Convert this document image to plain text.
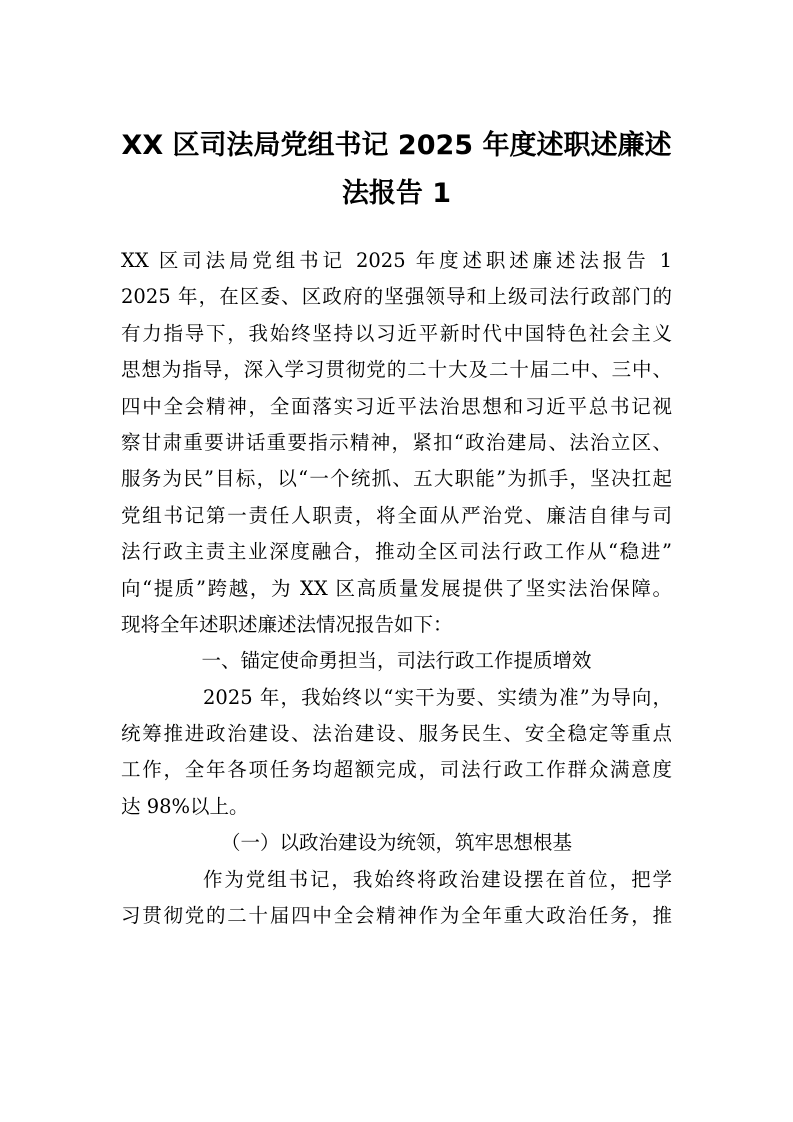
XX 区司法局党组书记 2025 年度述职述廉述
法报告 1
XX 区司法局党组书记 2025 年度述职述廉述法报告 1
2025 年，在区委、区政府的坚强领导和上级司法行政部门的
有力指导下，我始终坚持以习近平新时代中国特色社会主义
思想为指导，深入学习贯彻党的二十大及二十届二中、三中、
四中全会精神，全面落实习近平法治思想和习近平总书记视
察甘肃重要讲话重要指示精神，紧扣“政治建局、法治立区、
服务为民”目标，以“一个统抓、五大职能”为抓手，坚决扛起
党组书记第一责任人职责，将全面从严治党、廉洁自律与司
法行政主责主业深度融合，推动全区司法行政工作从“稳进”
向“提质”跨越，为 XX 区高质量发展提供了坚实法治保障。
现将全年述职述廉述法情况报告如下：
一、锚定使命勇担当，司法行政工作提质增效
2025 年，我始终以“实干为要、实绩为准”为导向，
统筹推进政治建设、法治建设、服务民生、安全稳定等重点
工作，全年各项任务均超额完成，司法行政工作群众满意度
达 98%以上。
（一）以政治建设为统领，筑牢思想根基
作为党组书记，我始终将政治建设摆在首位，把学
习贯彻党的二十届四中全会精神作为全年重大政治任务，推
